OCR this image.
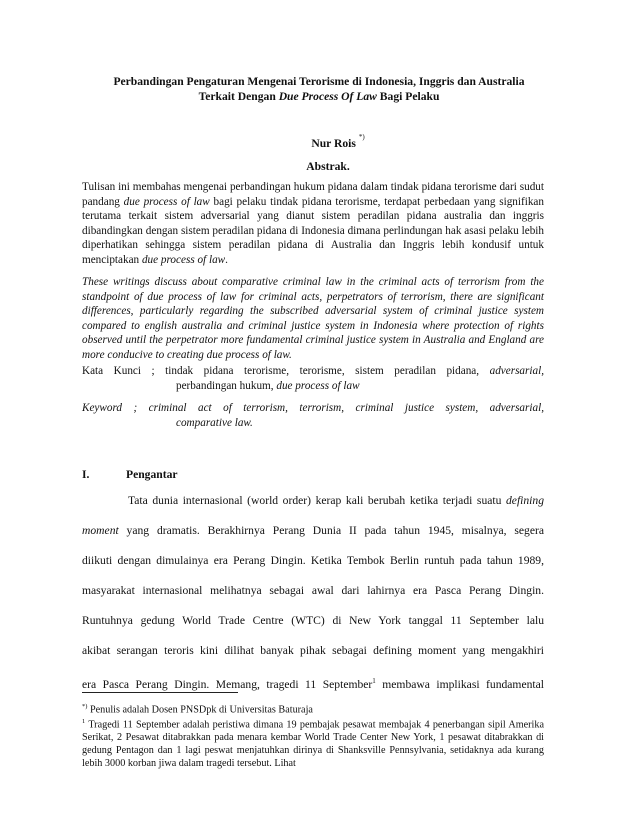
Perbandingan Pengaturan Mengenai Terorisme di Indonesia, Inggris dan Australia
Terkait Dengan Due Process Of Law Bagi Pelaku
Nur Rois *)
Abstrak.
Tulisan ini membahas mengenai perbandingan hukum pidana dalam tindak pidana terorisme dari sudut pandang due process of law bagi pelaku tindak pidana terorisme, terdapat perbedaan yang signifikan terutama terkait sistem adversarial yang dianut sistem peradilan pidana australia dan inggris dibandingkan dengan sistem peradilan pidana di Indonesia dimana perlindungan hak asasi pelaku lebih diperhatikan sehingga sistem peradilan pidana di Australia dan Inggris lebih kondusif untuk menciptakan due process of law.
These writings discuss about comparative criminal law in the criminal acts of terrorism from the standpoint of due process of law for criminal acts, perpetrators of terrorism, there are significant differences, particularly regarding the subscribed adversarial system of criminal justice system compared to english australia and criminal justice system in Indonesia where protection of rights observed until the perpetrator more fundamental criminal justice system in Australia and England are more conducive to creating due process of law.
Kata Kunci ; tindak pidana terorisme, terorisme, sistem peradilan pidana, adversarial,
perbandingan hukum, due process of law
Keyword ; criminal act of terrorism, terrorism, criminal justice system, adversarial,
comparative law.
I.	Pengantar
Tata dunia internasional (world order) kerap kali berubah ketika terjadi suatu defining
moment yang dramatis. Berakhirnya Perang Dunia II pada tahun 1945, misalnya, segera
diikuti dengan dimulainya era Perang Dingin. Ketika Tembok Berlin runtuh pada tahun 1989,
masyarakat internasional melihatnya sebagai awal dari lahirnya era Pasca Perang Dingin.
Runtuhnya gedung World Trade Centre (WTC) di New York tanggal 11 September lalu
akibat serangan teroris kini dilihat banyak pihak sebagai defining moment yang mengakhiri
era Pasca Perang Dingin. Memang, tragedi 11 September$^1$ membawa implikasi fundamental
*) Penulis adalah Dosen PNSDpk di Universitas Baturaja
$^1$ Tragedi 11 September adalah peristiwa dimana 19 pembajak pesawat membajak 4 penerbangan sipil Amerika Serikat, 2 Pesawat ditabrakkan pada menara kembar World Trade Center New York, 1 pesawat ditabrakkan di gedung Pentagon dan 1 lagi peswat menjatuhkan dirinya di Shanksville Pennsylvania, setidaknya ada kurang lebih 3000 korban jiwa dalam tragedi tersebut. Lihat
